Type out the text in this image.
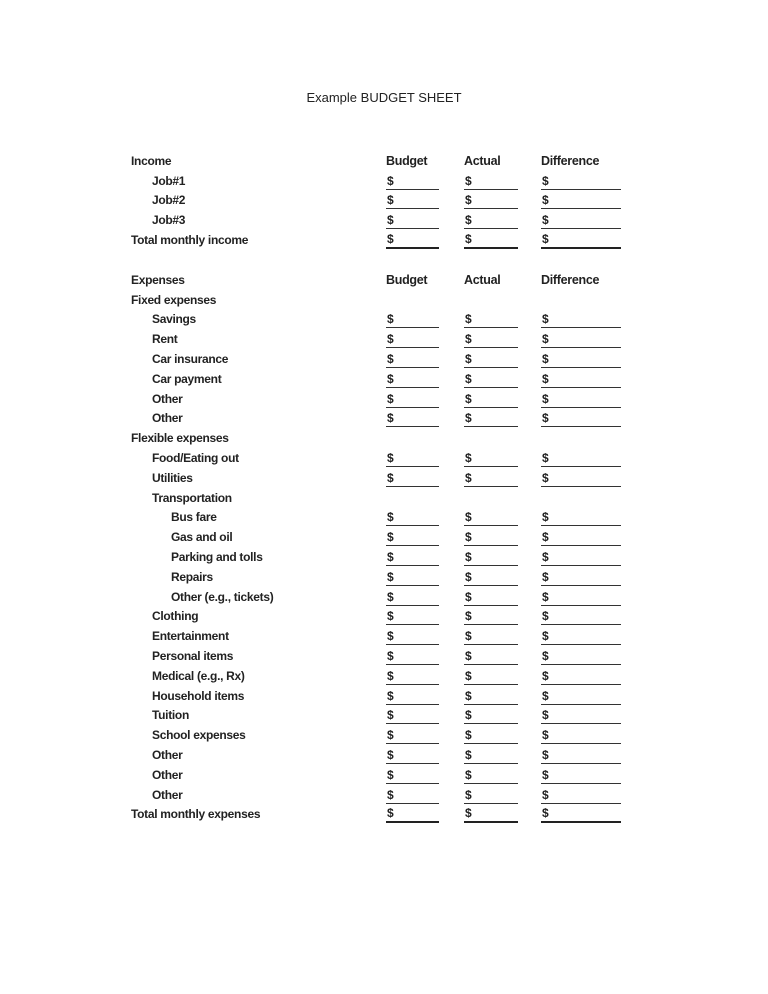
Example BUDGET SHEET
Income	Budget	Actual	Difference
Job#1	$	$	$
Job#2	$	$	$
Job#3	$	$	$
Total monthly income	$	$	$
Expenses	Budget	Actual	Difference
Fixed expenses
Savings	$	$	$
Rent	$	$	$
Car insurance	$	$	$
Car payment	$	$	$
Other	$	$	$
Other	$	$	$
Flexible expenses
Food/Eating out	$	$	$
Utilities	$	$	$
Transportation
Bus fare	$	$	$
Gas and oil	$	$	$
Parking and tolls	$	$	$
Repairs	$	$	$
Other (e.g., tickets)	$	$	$
Clothing	$	$	$
Entertainment	$	$	$
Personal items	$	$	$
Medical (e.g., Rx)	$	$	$
Household items	$	$	$
Tuition	$	$	$
School expenses	$	$	$
Other	$	$	$
Other	$	$	$
Other	$	$	$
Total monthly expenses	$	$	$
